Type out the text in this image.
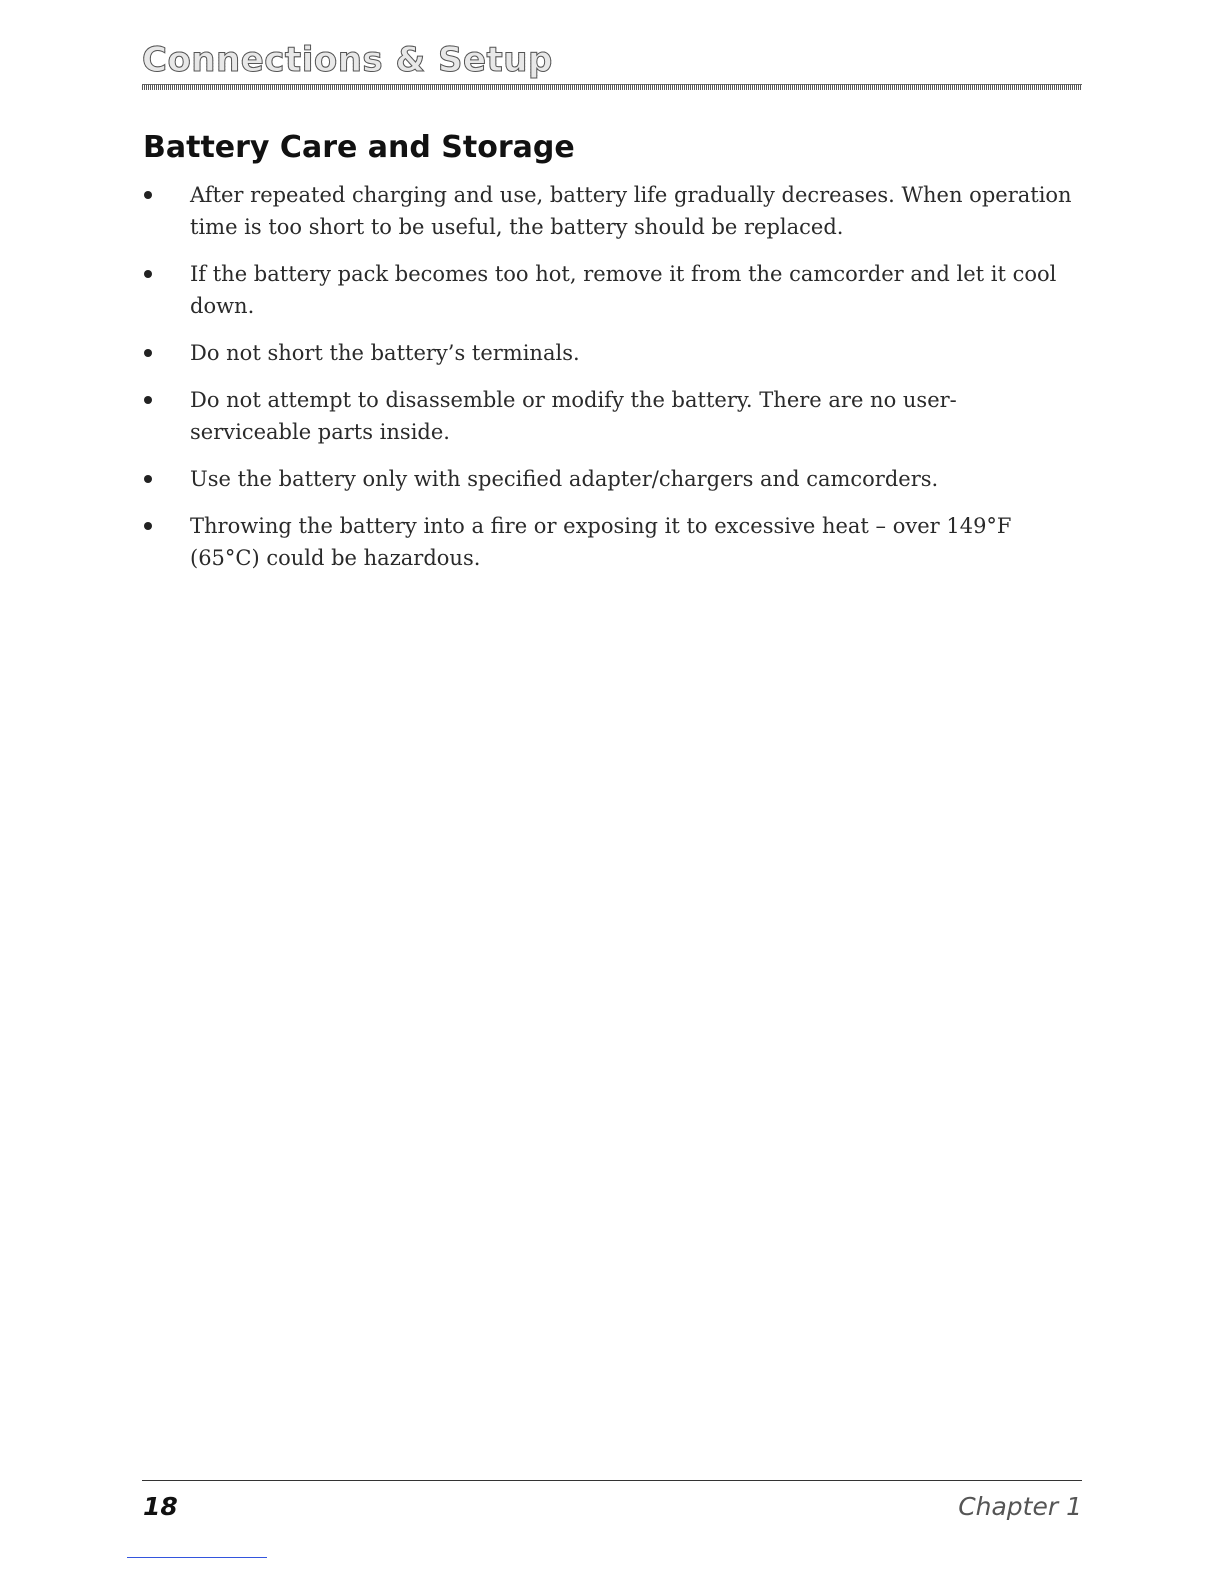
Connections & Setup
Battery Care and Storage
After repeated charging and use, battery life gradually decreases. When operation time is too short to be useful, the battery should be replaced.
If the battery pack becomes too hot, remove it from the camcorder and let it cool down.
Do not short the battery’s terminals.
Do not attempt to disassemble or modify the battery. There are no user-serviceable parts inside.
Use the battery only with specified adapter/chargers and camcorders.
Throwing the battery into a fire or exposing it to excessive heat – over 149°F (65°C) could be hazardous.
18	Chapter 1
